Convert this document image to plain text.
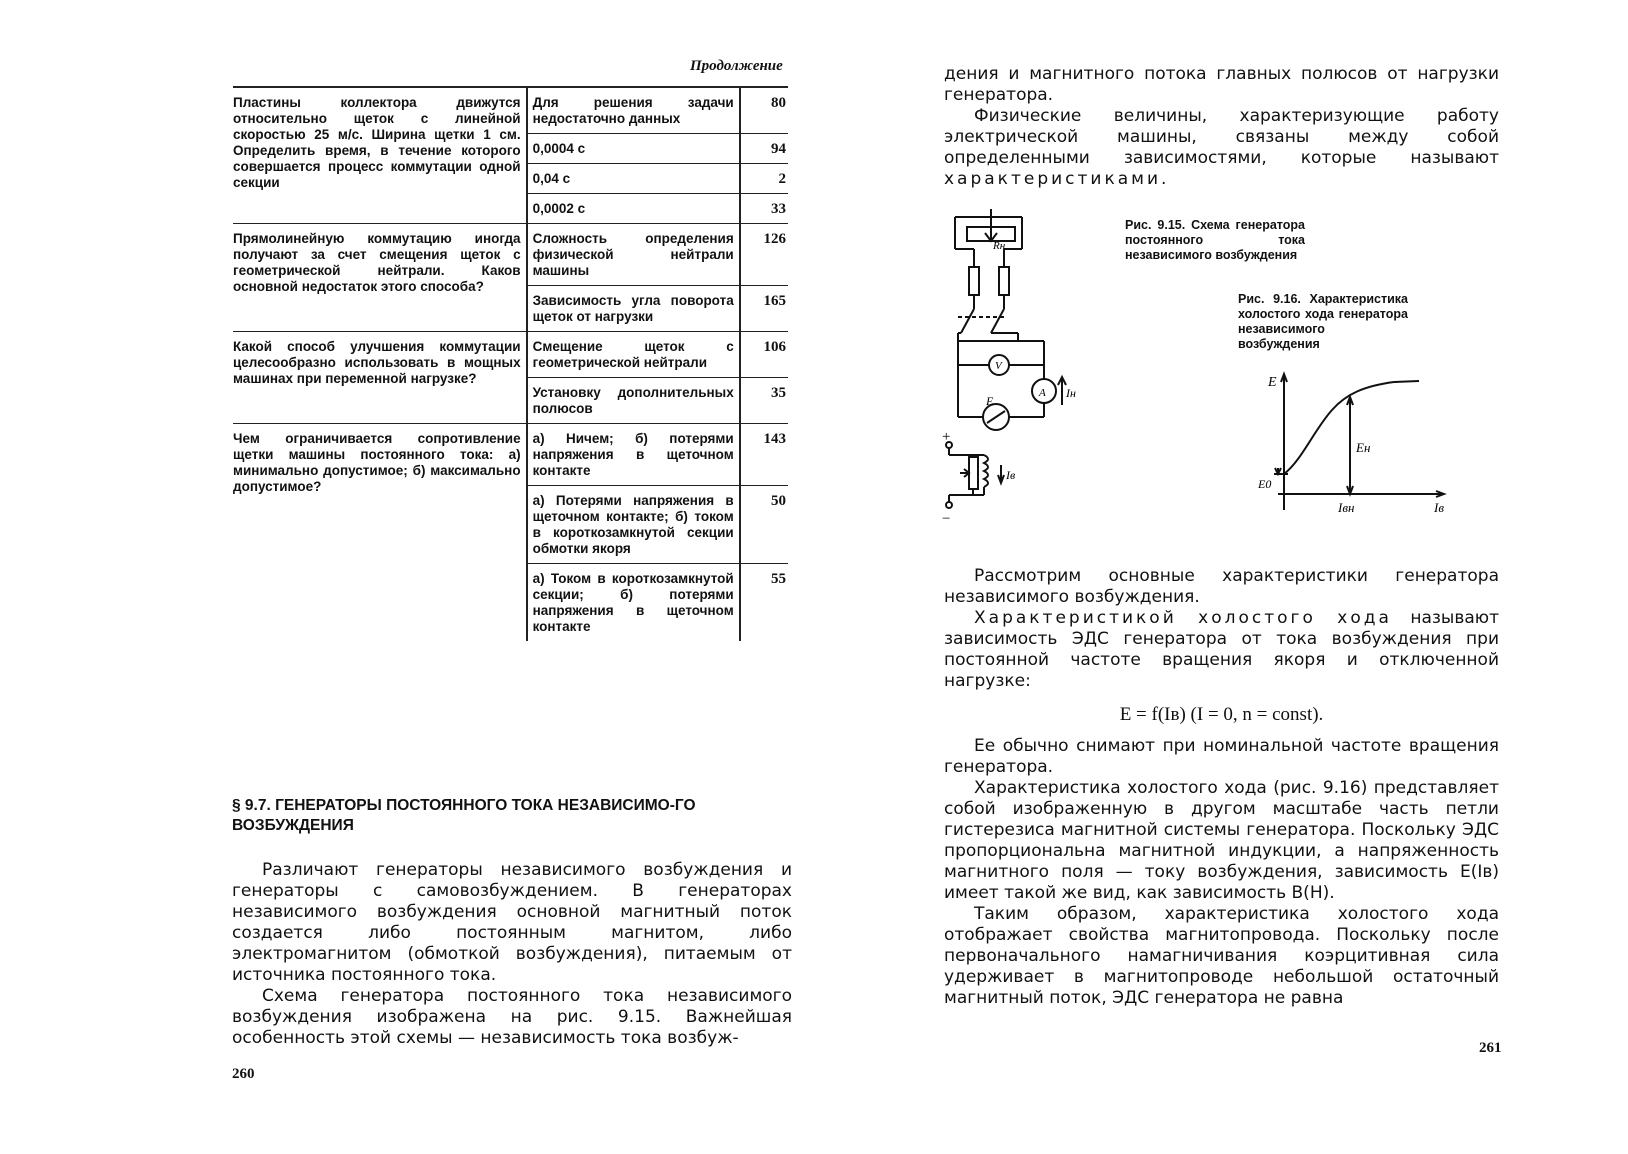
Продолжение
Пластины коллектора движутся относительно щеток с линейной скоростью 25 м/с. Ширина щетки 1 см. Определить время, в течение которого совершается процесс коммутации одной секции	Для решения задачи недостаточно данных	80
	0,0004 с	94
	0,04 с	2
	0,0002 с	33
Прямолинейную коммутацию иногда получают за счет смещения щеток с геометрической нейтрали. Каков основной недостаток этого способа?	Сложность определения физической нейтрали машины	126
	Зависимость угла поворота щеток от нагрузки	165
Какой способ улучшения коммутации целесообразно использовать в мощных машинах при переменной нагрузке?	Смещение щеток с геометрической нейтрали	106
	Установку дополнительных полюсов	35
Чем ограничивается сопротивление щетки машины постоянного тока: а) минимально допустимое; б) максимально допустимое?	а) Ничем; б) потерями напряжения в щеточном контакте	143
	а) Потерями напряжения в щеточном контакте; б) током в короткозамкнутой секции обмотки якоря	50
	а) Током в короткозамкнутой секции; б) потерями напряжения в щеточном контакте	55
§ 9.7. ГЕНЕРАТОРЫ ПОСТОЯННОГО ТОКА НЕЗАВИСИМО-ГО ВОЗБУЖДЕНИЯ

Различают генераторы независимого возбуждения и генераторы с самовозбуждением. В генераторах независимого возбуждения основной магнитный поток создается либо постоянным магнитом, либо электромагнитом (обмоткой возбуждения), питаемым от источника постоянного тока.

Схема генератора постоянного тока независимого возбуждения изображена на рис. 9.15. Важнейшая особенность этой схемы — независимость тока возбуж-

260

дения и магнитного потока главных полюсов от нагрузки генератора.

Физические величины, характеризующие работу электрической машины, связаны между собой определенными зависимостями, которые называют характеристиками.

Rн
V
A
E
Iн
Iв
+
−
Рис. 9.15. Схема генератора постоянного тока независимого возбуждения
Рис. 9.16. Характеристика холостого хода генератора независимого возбуждения
E
Iв
Eн
E0
Iвн

Рассмотрим основные характеристики генератора независимого возбуждения.

Характеристикой холостого хода называют зависимость ЭДС генератора от тока возбуждения при постоянной частоте вращения якоря и отключенной нагрузке:

E = f(Iв) (I = 0, n = const).

Ее обычно снимают при номинальной частоте вращения генератора.

Характеристика холостого хода (рис. 9.16) представляет собой изображенную в другом масштабе часть петли гистерезиса магнитной системы генератора. Поскольку ЭДС пропорциональна магнитной индукции, а напряженность магнитного поля — току возбуждения, зависимость E(Iв) имеет такой же вид, как зависимость B(H).

Таким образом, характеристика холостого хода отображает свойства магнитопровода. Поскольку после первоначального намагничивания коэрцитивная сила удерживает в магнитопроводе небольшой остаточный магнитный поток, ЭДС генератора не равна

261
